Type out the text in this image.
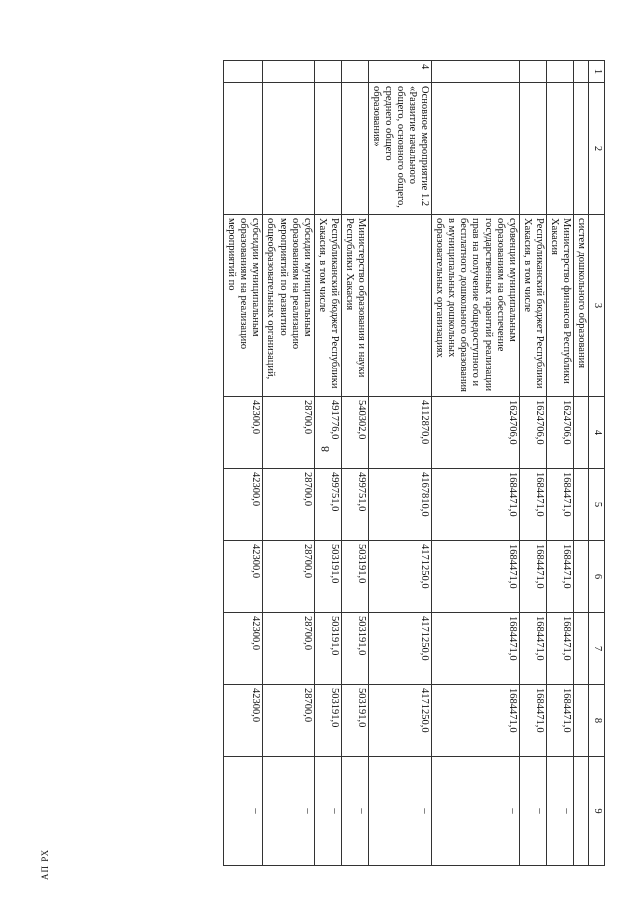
8
АП РХ
1	2	3	4	5	6	7	8	9
		систем дошкольного образования						
		Министерство финансов Республики Хакасия	1624706,0	1684471,0	1684471,0	1684471,0	1684471,0	–
		Республиканский бюджет Республики Хакасия, в том числе	1624706,0	1684471,0	1684471,0	1684471,0	1684471,0	–
		субвенции муниципальным образованиям на обеспечение государственных гарантий реализации прав на получение общедоступного и бесплатного дошкольного образования в муниципальных дошкольных образовательных организациях	1624706,0	1684471,0	1684471,0	1684471,0	1684471,0	–
4	Основное мероприятие 1.2 «Развитие начального общего, основного общего, среднего общего образования»		4112870,0	4167810,0	4171250,0	4171250,0	4171250,0	–
		Министерство образования и науки Республики Хакасия	540302,0	499751,0	503191,0	503191,0	503191,0	–
		Республиканский бюджет Республики Хакасия, в том числе	491776,0	499751,0	503191,0	503191,0	503191,0	–
		субсидии муниципальным образованиям на реализацию мероприятий по развитию общеобразовательных организаций,	28700,0	28700,0	28700,0	28700,0	28700,0	–
		субсидии муниципальным образованиям на реализацию мероприятий по	42300,0	42300,0	42300,0	42300,0	42300,0	–
